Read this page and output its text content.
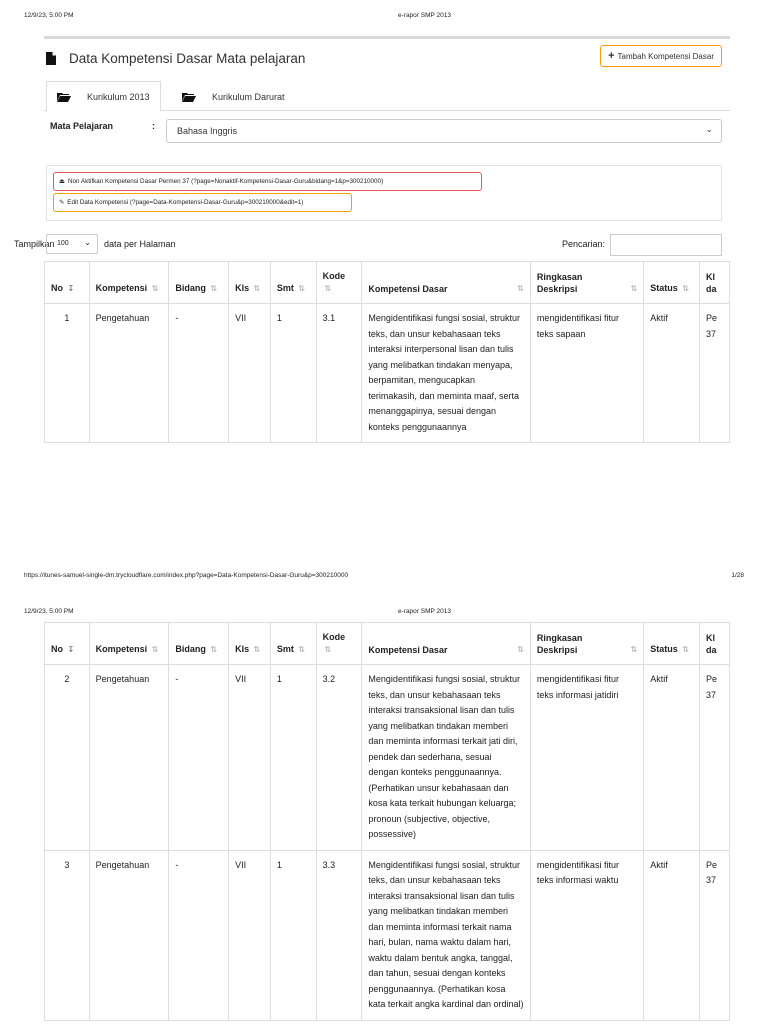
12/9/23, 5:00 PM	e-rapor SMP 2013
Data Kompetensi Dasar Mata pelajaran	+ Tambah Kompetensi Dasar
Kurikulum 2013	Kurikulum Darurat
Mata Pelajaran	:	Bahasa Inggris	⌄
⏏ Non Aktifkan Kompetensi Dasar Permen 37 (?page=Nonaktif-Kompetensi-Dasar-Guru&bidang=1&p=300210000)
✎ Edit Data Kompetensi (?page=Data-Kompetensi-Dasar-Guru&p=300210000&edit=1)
Tampilkan 100 ⌄ data per Halaman	Pencarian:
No ↧	Kompetensi ⇅	Bidang ⇅	Kls ⇅	Smt ⇅	Kode ⇅	Kompetensi Dasar ⇅	Ringkasan
Deskripsi ⇅	Status ⇅	Kl
da
1	Pengetahuan	-	VII	1	3.1	Mengidentifikasi fungsi sosial, struktur teks, dan unsur kebahasaan teks interaksi interpersonal lisan dan tulis yang melibatkan tindakan menyapa, berpamitan, mengucapkan terimakasih, dan meminta maaf, serta menanggapinya, sesuai dengan konteks penggunaannya	mengidentifikasi fitur teks sapaan	Aktif	Pe 37
https://itunes-samuel-single-dm.trycloudflare.com/index.php?page=Data-Kompetensi-Dasar-Guru&p=300210000	1/28
12/9/23, 5:00 PM	e-rapor SMP 2013
No ↧	Kompetensi ⇅	Bidang ⇅	Kls ⇅	Smt ⇅	Kode ⇅	Kompetensi Dasar ⇅	Ringkasan
Deskripsi ⇅	Status ⇅	Kl
da
2	Pengetahuan	-	VII	1	3.2	Mengidentifikasi fungsi sosial, struktur teks, dan unsur kebahasaan teks interaksi transaksional lisan dan tulis yang melibatkan tindakan memberi dan meminta informasi terkait jati diri, pendek dan sederhana, sesuai dengan konteks penggunaannya. (Perhatikan unsur kebahasaan dan kosa kata terkait hubungan keluarga; pronoun (subjective, objective, possessive)	mengidentifikasi fitur teks informasi jatidiri	Aktif	Pe 37
3	Pengetahuan	-	VII	1	3.3	Mengidentifikasi fungsi sosial, struktur teks, dan unsur kebahasaan teks interaksi transaksional lisan dan tulis yang melibatkan tindakan memberi dan meminta informasi terkait nama hari, bulan, nama waktu dalam hari, waktu dalam bentuk angka, tanggal, dan tahun, sesuai dengan konteks penggunaannya. (Perhatikan kosa kata terkait angka kardinal dan ordinal)	mengidentifikasi fitur teks informasi waktu	Aktif	Pe 37
